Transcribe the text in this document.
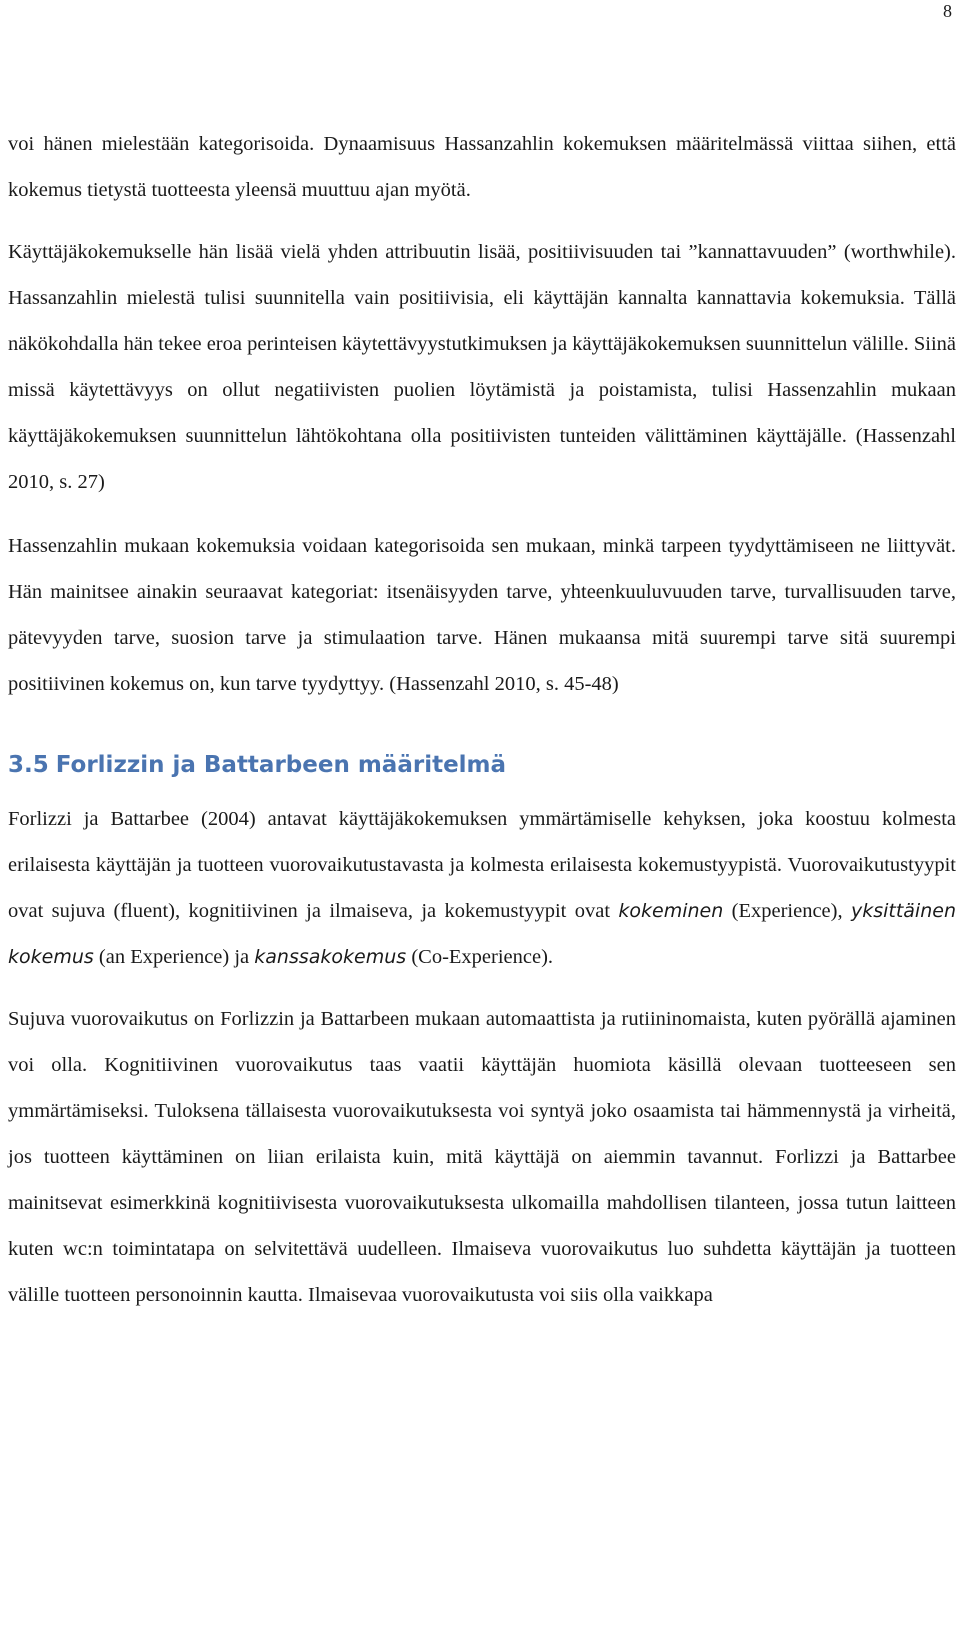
8

voi hänen mielestään kategorisoida. Dynaamisuus Hassanzahlin kokemuksen määritelmässä viittaa siihen, että kokemus tietystä tuotteesta yleensä muuttuu ajan myötä.

Käyttäjäkokemukselle hän lisää vielä yhden attribuutin lisää, positiivisuuden tai ”kannattavuuden” (worthwhile). Hassanzahlin mielestä tulisi suunnitella vain positiivisia, eli käyttäjän kannalta kannattavia kokemuksia. Tällä näkökohdalla hän tekee eroa perinteisen käytettävyystutkimuksen ja käyttäjäkokemuksen suunnittelun välille. Siinä missä käytettävyys on ollut negatiivisten puolien löytämistä ja poistamista, tulisi Hassenzahlin mukaan käyttäjäkokemuksen suunnittelun lähtökohtana olla positiivisten tunteiden välittäminen käyttäjälle. (Hassenzahl 2010, s. 27)

Hassenzahlin mukaan kokemuksia voidaan kategorisoida sen mukaan, minkä tarpeen tyydyttämiseen ne liittyvät. Hän mainitsee ainakin seuraavat kategoriat: itsenäisyyden tarve, yhteenkuuluvuuden tarve, turvallisuuden tarve, pätevyyden tarve, suosion tarve ja stimulaation tarve. Hänen mukaansa mitä suurempi tarve sitä suurempi positiivinen kokemus on, kun tarve tyydyttyy. (Hassenzahl 2010, s. 45-48)

3.5 Forlizzin ja Battarbeen määritelmä

Forlizzi ja Battarbee (2004) antavat käyttäjäkokemuksen ymmärtämiselle kehyksen, joka koostuu kolmesta erilaisesta käyttäjän ja tuotteen vuorovaikutustavasta ja kolmesta erilaisesta kokemustyypistä. Vuorovaikutustyypit ovat sujuva (fluent), kognitiivinen ja ilmaiseva, ja kokemustyypit ovat kokeminen (Experience), yksittäinen kokemus (an Experience) ja kanssakokemus (Co-Experience).

Sujuva vuorovaikutus on Forlizzin ja Battarbeen mukaan automaattista ja rutiininomaista, kuten pyörällä ajaminen voi olla. Kognitiivinen vuorovaikutus taas vaatii käyttäjän huomiota käsillä olevaan tuotteeseen sen ymmärtämiseksi. Tuloksena tällaisesta vuorovaikutuksesta voi syntyä joko osaamista tai hämmennystä ja virheitä, jos tuotteen käyttäminen on liian erilaista kuin, mitä käyttäjä on aiemmin tavannut. Forlizzi ja Battarbee mainitsevat esimerkkinä kognitiivisesta vuorovaikutuksesta ulkomailla mahdollisen tilanteen, jossa tutun laitteen kuten wc:n toimintatapa on selvitettävä uudelleen. Ilmaiseva vuorovaikutus luo suhdetta käyttäjän ja tuotteen välille tuotteen personoinnin kautta. Ilmaisevaa vuorovaikutusta voi siis olla vaikkapa
